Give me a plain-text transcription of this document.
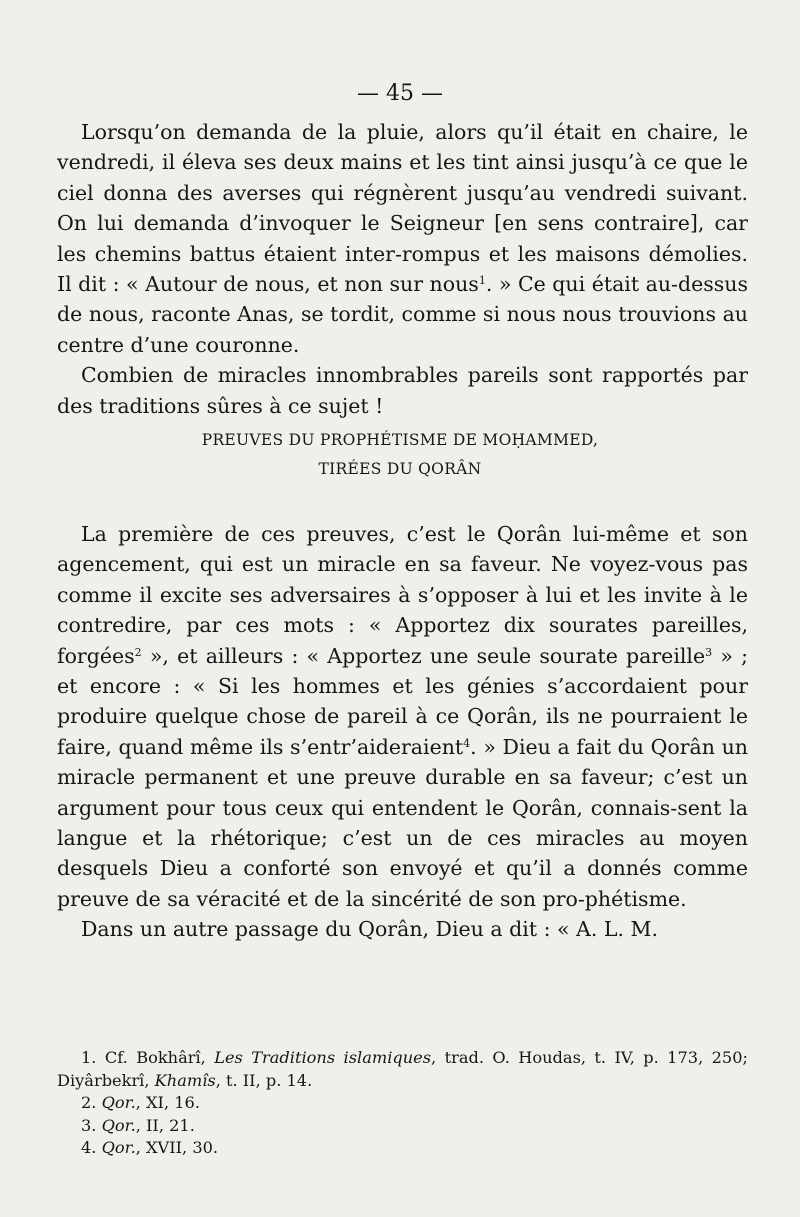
— 45 —

Lorsqu’on demanda de la pluie, alors qu’il était en chaire, le vendredi, il éleva ses deux mains et les tint ainsi jusqu’à ce que le ciel donna des averses qui régnèrent jusqu’au vendredi suivant. On lui demanda d’invoquer le Seigneur [en sens contraire], car les chemins battus étaient inter-rompus et les maisons démolies. Il dit : « Autour de nous, et non sur nous$^1$. » Ce qui était au-dessus de nous, raconte Anas, se tordit, comme si nous nous trouvions au centre d’une couronne.

Combien de miracles innombrables pareils sont rapportés par des traditions sûres à ce sujet !

PREUVES DU PROPHÉTISME DE MOḤAMMED,
TIRÉES DU QORÂN

La première de ces preuves, c’est le Qorân lui-même et son agencement, qui est un miracle en sa faveur. Ne voyez-vous pas comme il excite ses adversaires à s’opposer à lui et les invite à le contredire, par ces mots : « Apportez dix sourates pareilles, forgées$^2$ », et ailleurs : « Apportez une seule sourate pareille$^3$ » ; et encore : « Si les hommes et les génies s’accordaient pour produire quelque chose de pareil à ce Qorân, ils ne pourraient le faire, quand même ils s’entr’aideraient$^4$. » Dieu a fait du Qorân un miracle permanent et une preuve durable en sa faveur; c’est un argument pour tous ceux qui entendent le Qorân, connais-sent la langue et la rhétorique; c’est un de ces miracles au moyen desquels Dieu a conforté son envoyé et qu’il a donnés comme preuve de sa véracité et de la sincérité de son pro-phétisme.

Dans un autre passage du Qorân, Dieu a dit : « A. L. M.

1. Cf. Bokhârî, Les Traditions islamiques, trad. O. Houdas, t. IV, p. 173, 250; Diyârbekrî, Khamîs, t. II, p. 14.

2. Qor., XI, 16.

3. Qor., II, 21.

4. Qor., XVII, 30.
